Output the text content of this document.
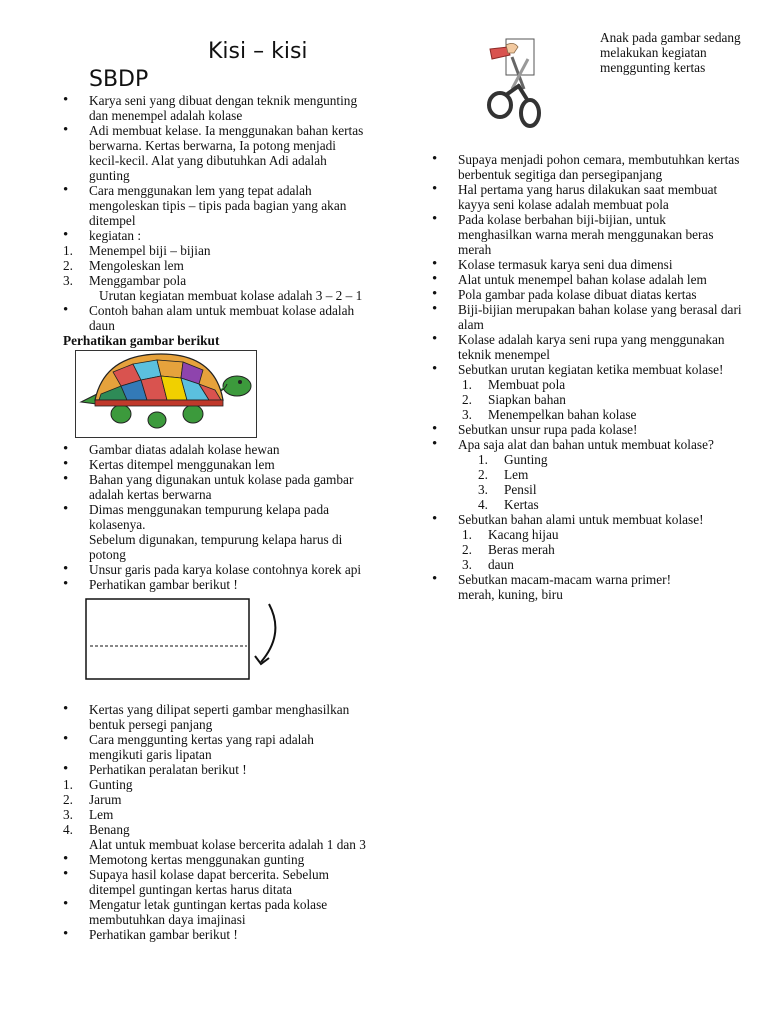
Kisi – kisi
SBDP
Anak pada gambar sedang melakukan kegiatan menggunting kertas
• Karya seni yang dibuat dengan teknik mengunting dan menempel adalah kolase
• Adi membuat kelase. Ia menggunakan bahan kertas berwarna. Kertas berwarna, Ia potong menjadi kecil-kecil. Alat yang dibutuhkan Adi adalah gunting
• Cara menggunakan lem yang tepat adalah mengoleskan tipis – tipis pada bagian yang akan ditempel
• kegiatan :
1. Menempel biji – bijian
2. Mengoleskan lem
3. Menggambar pola
Urutan kegiatan membuat kolase adalah 3 – 2 – 1
• Contoh bahan alam untuk membuat kolase adalah daun

Perhatikan gambar berikut

• Gambar diatas adalah kolase hewan
• Kertas ditempel menggunakan lem
• Bahan yang digunakan untuk kolase pada gambar adalah kertas berwarna
• Dimas menggunakan tempurung kelapa pada kolasenya.
Sebelum digunakan, tempurung kelapa harus di potong
• Unsur garis pada karya kolase contohnya korek api
• Perhatikan gambar berikut !
• Kertas yang dilipat seperti gambar menghasilkan bentuk persegi panjang
• Cara menggunting kertas yang rapi adalah mengikuti garis lipatan
• Perhatikan peralatan berikut !
1. Gunting
2. Jarum
3. Lem
4. Benang
Alat untuk membuat kolase bercerita adalah 1 dan 3
• Memotong kertas menggunakan gunting
• Supaya hasil kolase dapat bercerita. Sebelum ditempel guntingan kertas harus ditata
• Mengatur letak guntingan kertas pada kolase membutuhkan daya imajinasi
• Perhatikan gambar berikut !
• Supaya menjadi pohon cemara, membutuhkan kertas berbentuk segitiga dan persegipanjang
• Hal pertama yang harus dilakukan saat membuat kayya seni kolase adalah membuat pola
• Pada kolase berbahan biji-bijian, untuk menghasilkan warna merah menggunakan beras merah
• Kolase termasuk karya seni dua dimensi
• Alat untuk menempel bahan kolase adalah lem
• Pola gambar pada kolase dibuat diatas kertas
• Biji-bijian merupakan bahan kolase yang berasal dari alam
• Kolase adalah karya seni rupa yang menggunakan teknik menempel
• Sebutkan urutan kegiatan ketika membuat kolase!
1. Membuat pola
2. Siapkan bahan
3. Menempelkan bahan kolase
• Sebutkan unsur rupa pada kolase!
• Apa saja alat dan bahan untuk membuat kolase?
1. Gunting
2. Lem
3. Pensil
4. Kertas
• Sebutkan bahan alami untuk membuat kolase!
1. Kacang hijau
2. Beras merah
3. daun
• Sebutkan macam-macam warna primer!
merah, kuning, biru
